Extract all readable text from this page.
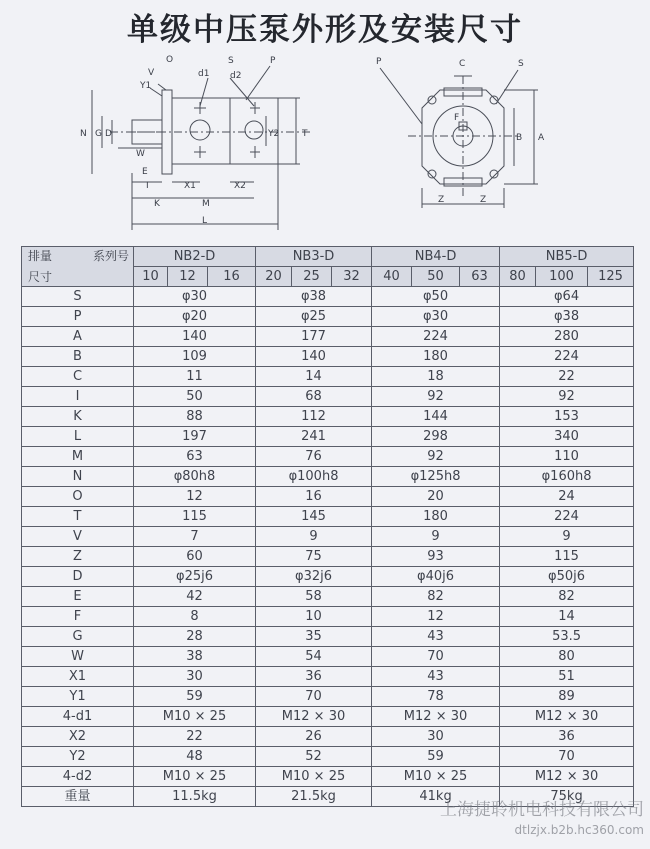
单级中压泵外形及安装尺寸
O
V
Y1
d1
S
d2
P
N G D	T
Y2
W
E
I	X1	X2
K	M
L
P	C	S
F
B A
Z	Z
排量 系列号
尺寸	NB2-D			NB3-D			NB4-D			NB5-D		
	10	12	16	20	25	32	40	50	63	80	100	125
S	φ30			φ38			φ50			φ64		
P	φ20			φ25			φ30			φ38		
A	140			177			224			280		
B	109			140			180			224		
C	11			14			18			22		
I	50			68			92			92		
K	88			112			144			153		
L	197			241			298			340		
M	63			76			92			110		
N	φ80h8			φ100h8			φ125h8			φ160h8		
O	12			16			20			24		
T	115			145			180			224		
V	7			9			9			9		
Z	60			75			93			115		
D	φ25j6			φ32j6			φ40j6			φ50j6		
E	42			58			82			82		
F	8			10			12			14		
G	28			35			43			53.5		
W	38			54			70			80		
X1	30			36			43			51		
Y1	59			70			78			89		
4-d1	M10 × 25			M12 × 30			M12 × 30			M12 × 30		
X2	22			26			30			36		
Y2	48			52			59			70		
4-d2	M10 × 25			M10 × 25			M10 × 25			M12 × 30		
重量	11.5kg			21.5kg			41kg			75kg		
上海捷聆机电科技有限公司
dtlzjx.b2b.hc360.com
